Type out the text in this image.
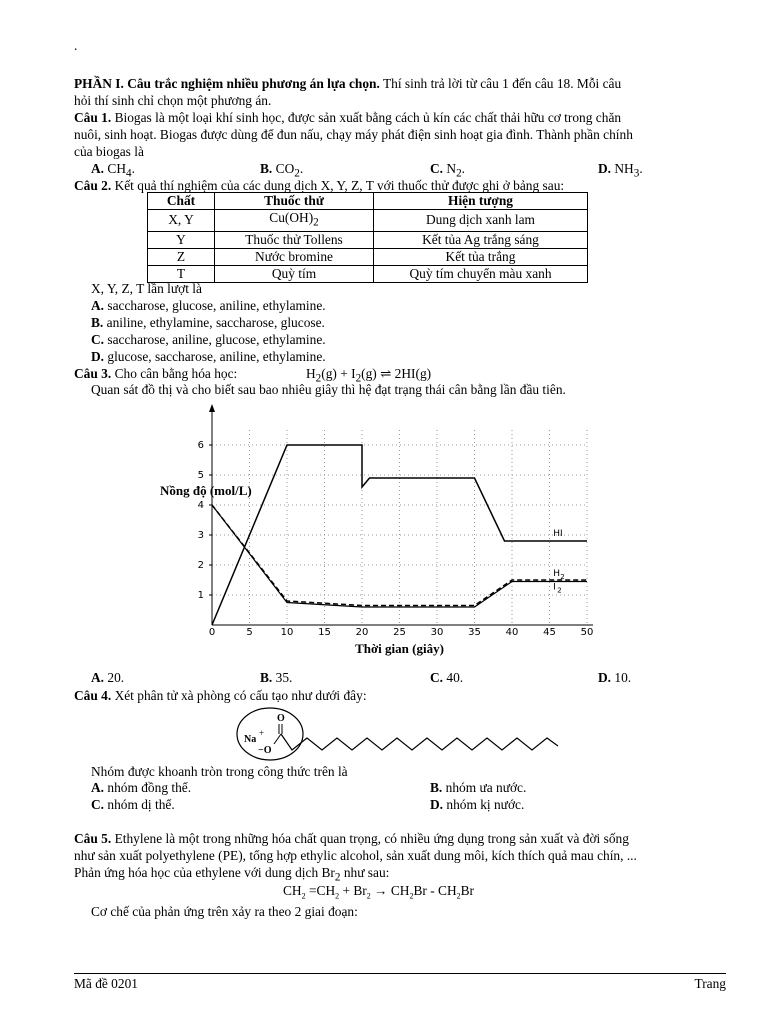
.
PHẦN I. Câu trắc nghiệm nhiều phương án lựa chọn. Thí sinh trả lời từ câu 1 đến câu 18. Mỗi câu
hỏi thí sinh chỉ chọn một phương án.
Câu 1. Biogas là một loại khí sinh học, được sản xuất bằng cách ủ kín các chất thải hữu cơ trong chăn
nuôi, sinh hoạt. Biogas được dùng để đun nấu, chạy máy phát điện sinh hoạt gia đình. Thành phần chính
của biogas là
A. $CH_4$.	B. $CO_2$.	C. $N_2$.	D. $NH_3$.
Câu 2. Kết quả thí nghiệm của các dung dịch X, Y, Z, T với thuốc thử được ghi ở bảng sau:
Chất	Thuốc thử	Hiện tượng
X, Y	$Cu(OH)_2$	Dung dịch xanh lam
Y	Thuốc thử Tollens	Kết tủa Ag trắng sáng
Z	Nước bromine	Kết tủa trắng
T	Quỳ tím	Quỳ tím chuyển màu xanh
X, Y, Z, T lần lượt là
A. saccharose, glucose, aniline, ethylamine.
B. aniline, ethylamine, saccharose, glucose.
C. saccharose, aniline, glucose, ethylamine.
D. glucose, saccharose, aniline, ethylamine.
Câu 3. Cho cân bằng hóa học:	$H_2(g) + I_2(g)$ ⇌ 2HI(g)
Quan sát đồ thị và cho biết sau bao nhiêu giây thì hệ đạt trạng thái cân bằng lần đầu tiên.
0	5	10 15 20 25 30 35 40 45 50
1
2
3
4
5
6
HI
H 2
I 2
Nồng độ (mol/L)
Thời gian (giây)
A. 20.	B. 35.	C. 40.	D. 10.
Câu 4. Xét phân tử xà phòng có cấu tạo như dưới đây:
Na
+
O
−O
Nhóm được khoanh tròn trong công thức trên là
A. nhóm đồng thể.	B. nhóm ưa nước.
C. nhóm dị thể.	D. nhóm kị nước.
Câu 5. Ethylene là một trong những hóa chất quan trọng, có nhiều ứng dụng trong sản xuất và đời sống
như sản xuất polyethylene (PE), tổng hợp ethylic alcohol, sản xuất dung môi, kích thích quả mau chín, ...
Phản ứng hóa học của ethylene với dung dịch $Br_2$ như sau:
$CH_2 =CH_2 + Br_2 \to CH_2Br - CH_2Br$
Cơ chế của phản ứng trên xảy ra theo 2 giai đoạn:
Mã đề 0201	Trang
